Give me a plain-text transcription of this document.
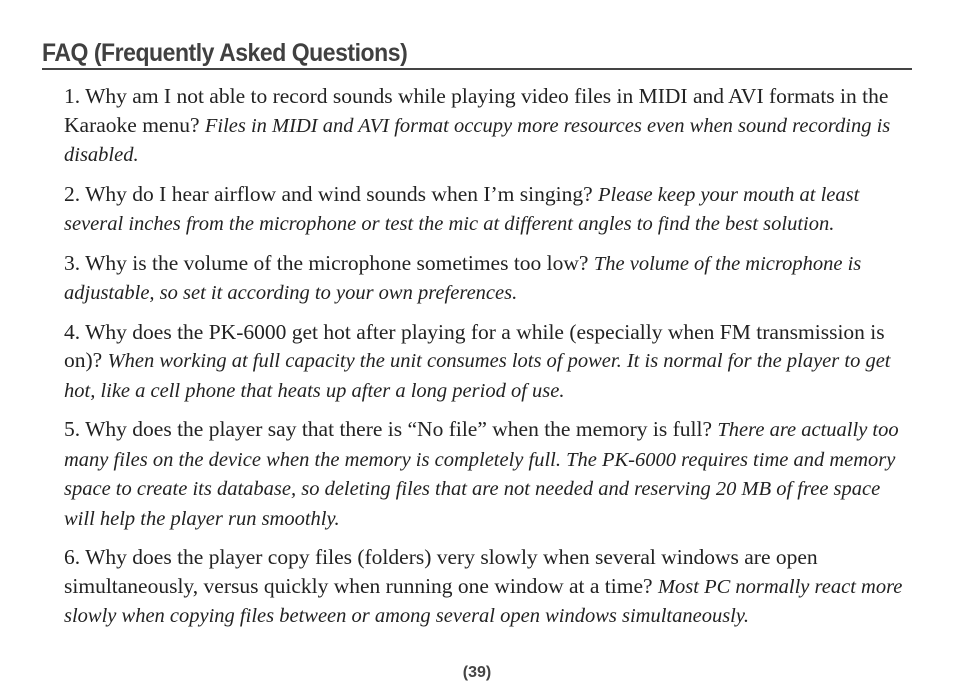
FAQ (Frequently Asked Questions)

1. Why am I not able to record sounds while playing video files in MIDI and AVI formats in the Karaoke menu? Files in MIDI and AVI format occupy more resources even when sound recording is disabled.

2. Why do I hear airflow and wind sounds when I’m singing? Please keep your mouth at least several inches from the microphone or test the mic at different angles to find the best solution.

3. Why is the volume of the microphone sometimes too low? The volume of the microphone is adjustable, so set it according to your own preferences.

4. Why does the PK-6000 get hot after playing for a while (especially when FM transmission is on)? When working at full capacity the unit consumes lots of power. It is normal for the player to get hot, like a cell phone that heats up after a long period of use.

5. Why does the player say that there is “No file” when the memory is full? There are actually too many files on the device when the memory is completely full. The PK-6000 requires time and memory space to create its database, so deleting files that are not needed and reserving 20 MB of free space will help the player run smoothly.

6. Why does the player copy files (folders) very slowly when several windows are open simultaneously, versus quickly when running one window at a time? Most PC normally react more slowly when copying files between or among several open windows simultaneously.

(39)
